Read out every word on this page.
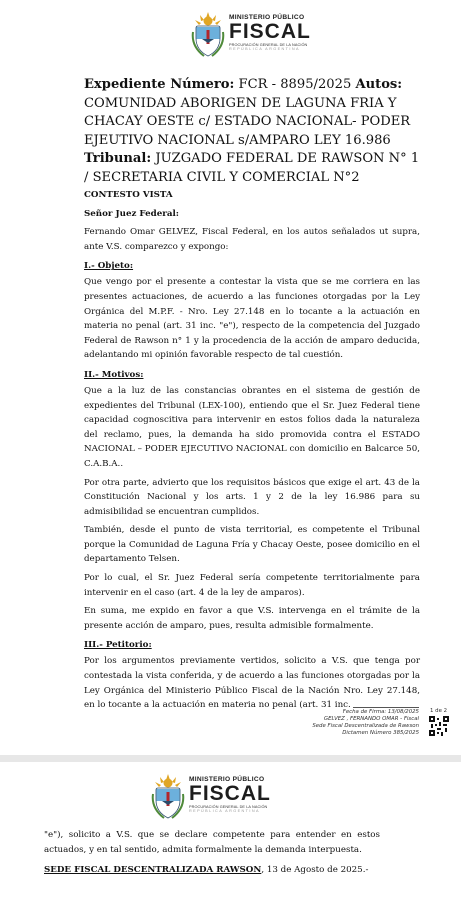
MINISTERIO PÚBLICO
FISCAL
PROCURACIÓN GENERAL DE LA NACIÓN
REPÚBLICA ARGENTINA
Expediente Número: FCR - 8895/2025 Autos:
COMUNIDAD ABORIGEN DE LAGUNA FRIA Y CHACAY OESTE c/ ESTADO NACIONAL- PODER EJEUTIVO NACIONAL s/AMPARO LEY 16.986
Tribunal: JUZGADO FEDERAL DE RAWSON N° 1 / SECRETARIA CIVIL Y COMERCIAL N°2

CONTESTO VISTA

Señor Juez Federal:

Fernando Omar GELVEZ, Fiscal Federal, en los autos señalados ut supra, ante V.S. comparezco y expongo:

I.- Objeto:

Que vengo por el presente a contestar la vista que se me corriera en las presentes actuaciones, de acuerdo a las funciones otorgadas por la Ley Orgánica del M.P.F. - Nro. Ley 27.148 en lo tocante a la actuación en materia no penal (art. 31 inc. "e"), respecto de la competencia del Juzgado Federal de Rawson n° 1 y la procedencia de la acción de amparo deducida, adelantando mi opinión favorable respecto de tal cuestión.

II.- Motivos:

Que a la luz de las constancias obrantes en el sistema de gestión de expedientes del Tribunal (LEX-100), entiendo que el Sr. Juez Federal tiene capacidad cognoscitiva para intervenir en estos folios dada la naturaleza del reclamo, pues, la demanda ha sido promovida contra el ESTADO NACIONAL – PODER EJECUTIVO NACIONAL con domicilio en Balcarce 50, C.A.B.A..

Por otra parte, advierto que los requisitos básicos que exige el art. 43 de la Constitución Nacional y los arts. 1 y 2 de la ley 16.986 para su admisibilidad se encuentran cumplidos.

También, desde el punto de vista territorial, es competente el Tribunal porque la Comunidad de Laguna Fría y Chacay Oeste, posee domicilio en el departamento Telsen.

Por lo cual, el Sr. Juez Federal sería competente territorialmente para intervenir en el caso (art. 4 de la ley de amparos).

En suma, me expido en favor a que V.S. intervenga en el trámite de la presente acción de amparo, pues, resulta admisible formalmente.

III.- Petitorio:

Por los argumentos previamente vertidos, solicito a V.S. que tenga por contestada la vista conferida, y de acuerdo a las funciones otorgadas por la Ley Orgánica del Ministerio Público Fiscal de la Nación Nro. Ley 27.148, en lo tocante a la actuación en materia no penal (art. 31 inc.

Fecha de Firma: 13/08/2025
GELVEZ , FERNANDO OMAR - Fiscal
Sede Fiscal Descentralizada de Rawson
Dictamen Número 385/2025
1 de 2
MINISTERIO PÚBLICO
FISCAL
PROCURACIÓN GENERAL DE LA NACIÓN
REPÚBLICA ARGENTINA

"e"), solicito a V.S. que se declare competente para entender en estos actuados, y en tal sentido, admita formalmente la demanda interpuesta.

SEDE FISCAL DESCENTRALIZADA RAWSON, 13 de Agosto de 2025.-
